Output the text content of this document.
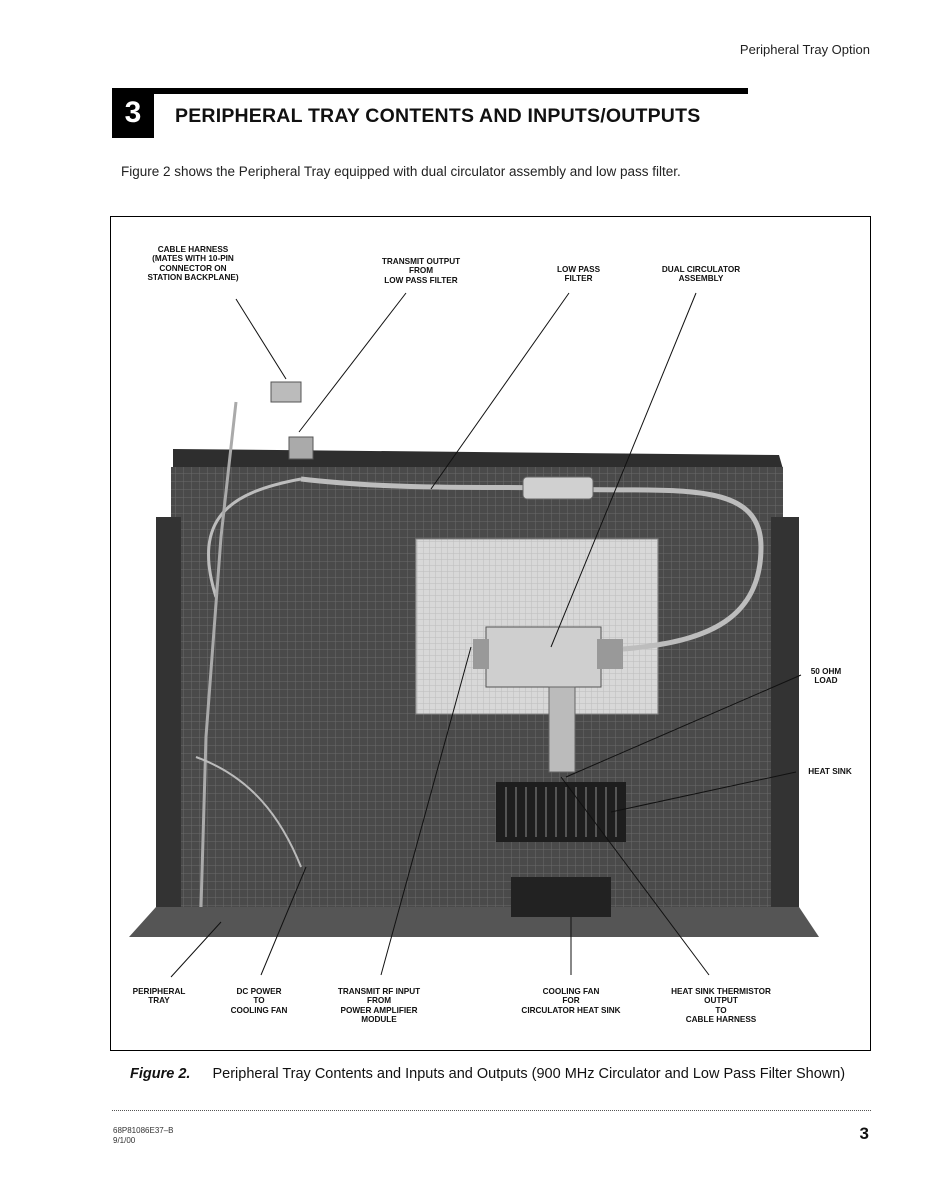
Peripheral Tray Option
3	PERIPHERAL TRAY CONTENTS AND INPUTS/OUTPUTS
Figure 2 shows the Peripheral Tray equipped with dual circulator assembly and low pass filter.
CABLE HARNESS
(MATES WITH 10-PIN
CONNECTOR ON
STATION BACKPLANE)
TRANSMIT OUTPUT
FROM
LOW PASS FILTER
LOW PASS
FILTER
DUAL CIRCULATOR
ASSEMBLY
50 OHM
LOAD
HEAT SINK
PERIPHERAL
TRAY
DC POWER
TO
COOLING FAN
TRANSMIT RF INPUT
FROM
POWER AMPLIFIER
MODULE
COOLING FAN
FOR
CIRCULATOR HEAT SINK
HEAT SINK THERMISTOR
OUTPUT
TO
CABLE HARNESS
Figure 2. Peripheral Tray Contents and Inputs and Outputs (900 MHz Circulator and Low Pass Filter Shown)
68P81086E37–B
9/1/00	3
